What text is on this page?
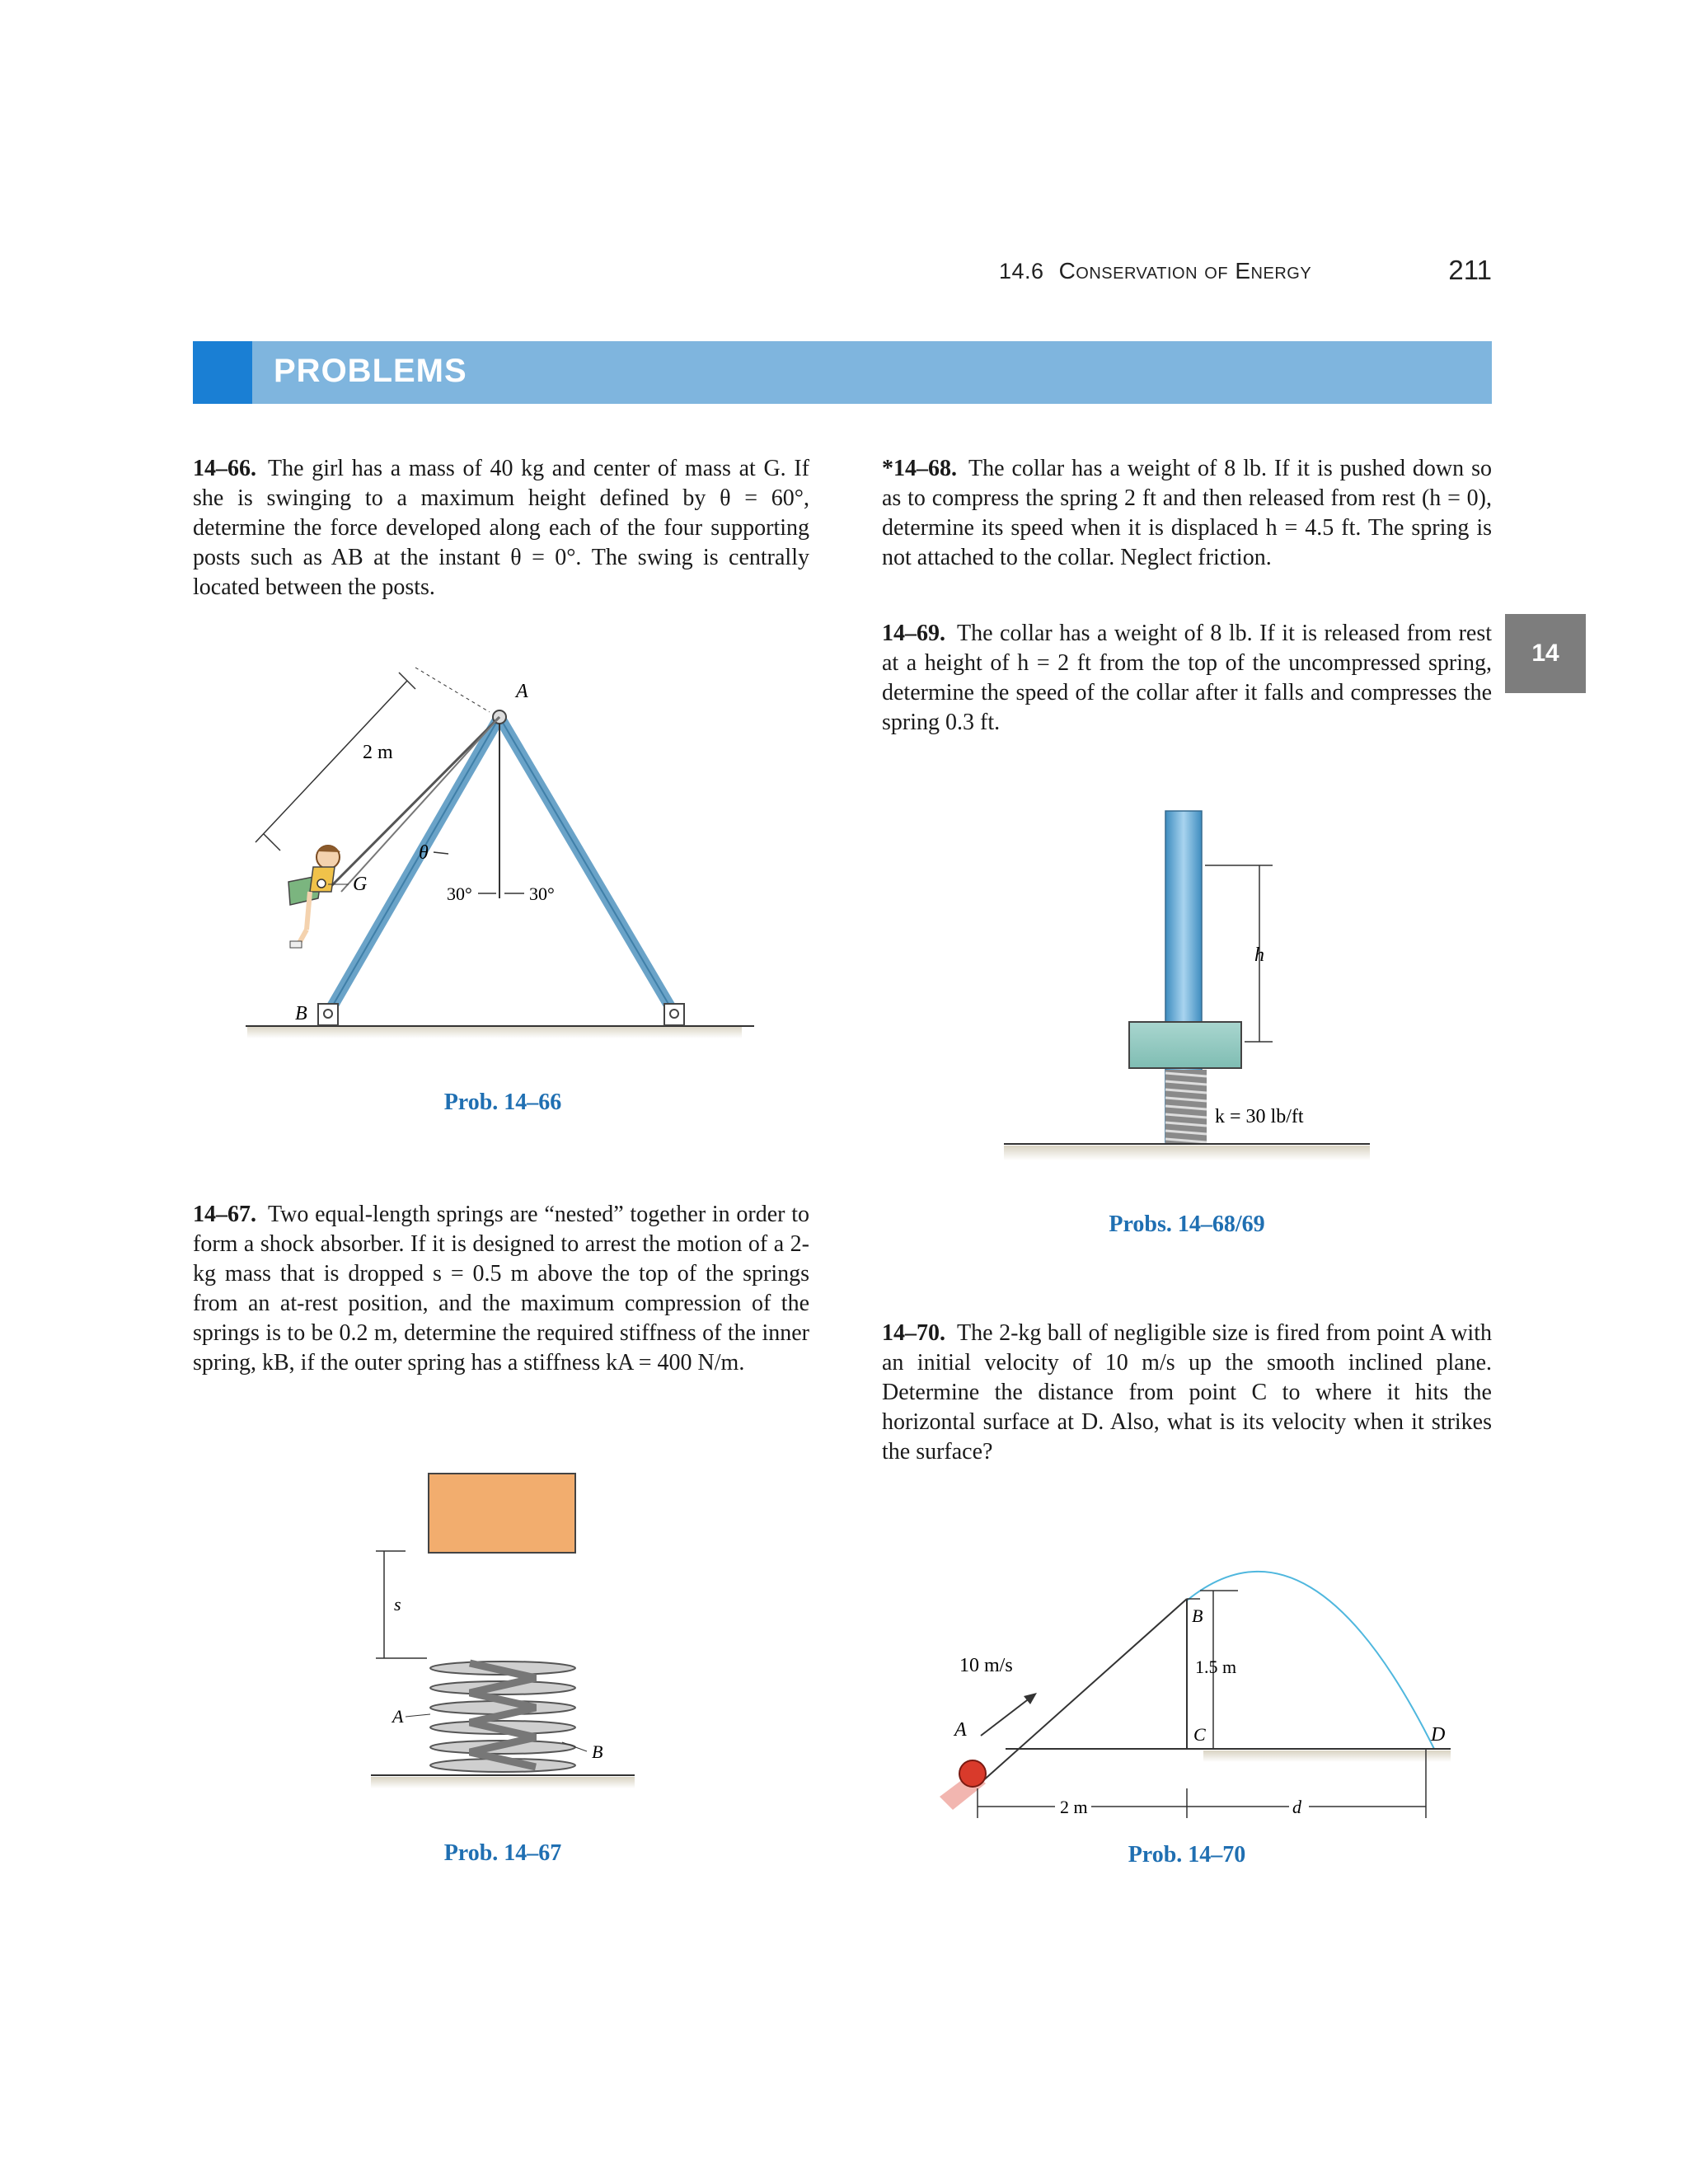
14.6 Conservation of Energy	211
PROBLEMS
14
14–66. The girl has a mass of 40 kg and center of mass at G. If she is swinging to a maximum height defined by θ = 60°, determine the force developed along each of the four supporting posts such as AB at the instant θ = 0°. The swing is centrally located between the posts.
14–67. Two equal-length springs are “nested” together in order to form a shock absorber. If it is designed to arrest the motion of a 2-kg mass that is dropped s = 0.5 m above the top of the springs from an at-rest position, and the maximum compression of the springs is to be 0.2 m, determine the required stiffness of the inner spring, kB, if the outer spring has a stiffness kA = 400 N/m.
*14–68. The collar has a weight of 8 lb. If it is pushed down so as to compress the spring 2 ft and then released from rest (h = 0), determine its speed when it is displaced h = 4.5 ft. The spring is not attached to the collar. Neglect friction.
14–69. The collar has a weight of 8 lb. If it is released from rest at a height of h = 2 ft from the top of the uncompressed spring, determine the speed of the collar after it falls and compresses the spring 0.3 ft.
14–70. The 2-kg ball of negligible size is fired from point A with an initial velocity of 10 m/s up the smooth inclined plane. Determine the distance from point C to where it hits the horizontal surface at D. Also, what is its velocity when it strikes the surface?
2 m
A
B
G
θ
30°	30°
Prob. 14–66
s
A
B
Prob. 14–67
h
k = 30 lb/ft
Probs. 14–68/69
10 m/s
A
B
C	D
1.5 m
2 m	d
Prob. 14–70
